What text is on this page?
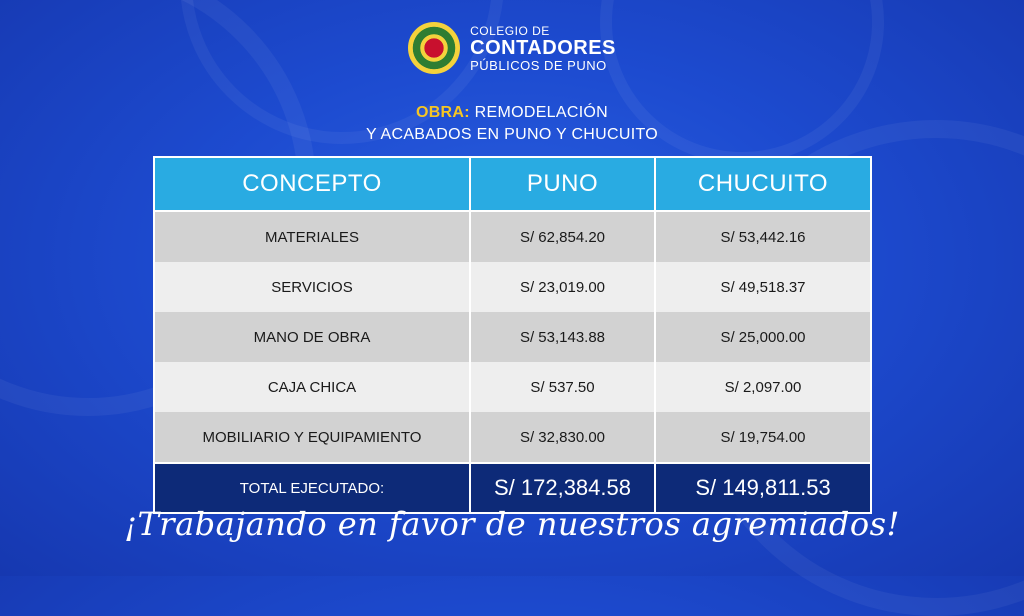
COLEGIO DE
CONTADORES
PÚBLICOS DE PUNO
OBRA: REMODELACIÓN
Y ACABADOS EN PUNO Y CHUCUITO
CONCEPTO	PUNO	CHUCUITO
MATERIALES	S/ 62,854.20	S/ 53,442.16
SERVICIOS	S/ 23,019.00	S/ 49,518.37
MANO DE OBRA	S/ 53,143.88	S/ 25,000.00
CAJA CHICA	S/ 537.50	S/ 2,097.00
MOBILIARIO Y EQUIPAMIENTO	S/ 32,830.00	S/ 19,754.00
TOTAL EJECUTADO:	S/ 172,384.58	S/ 149,811.53
¡Trabajando en favor de nuestros agremiados!
